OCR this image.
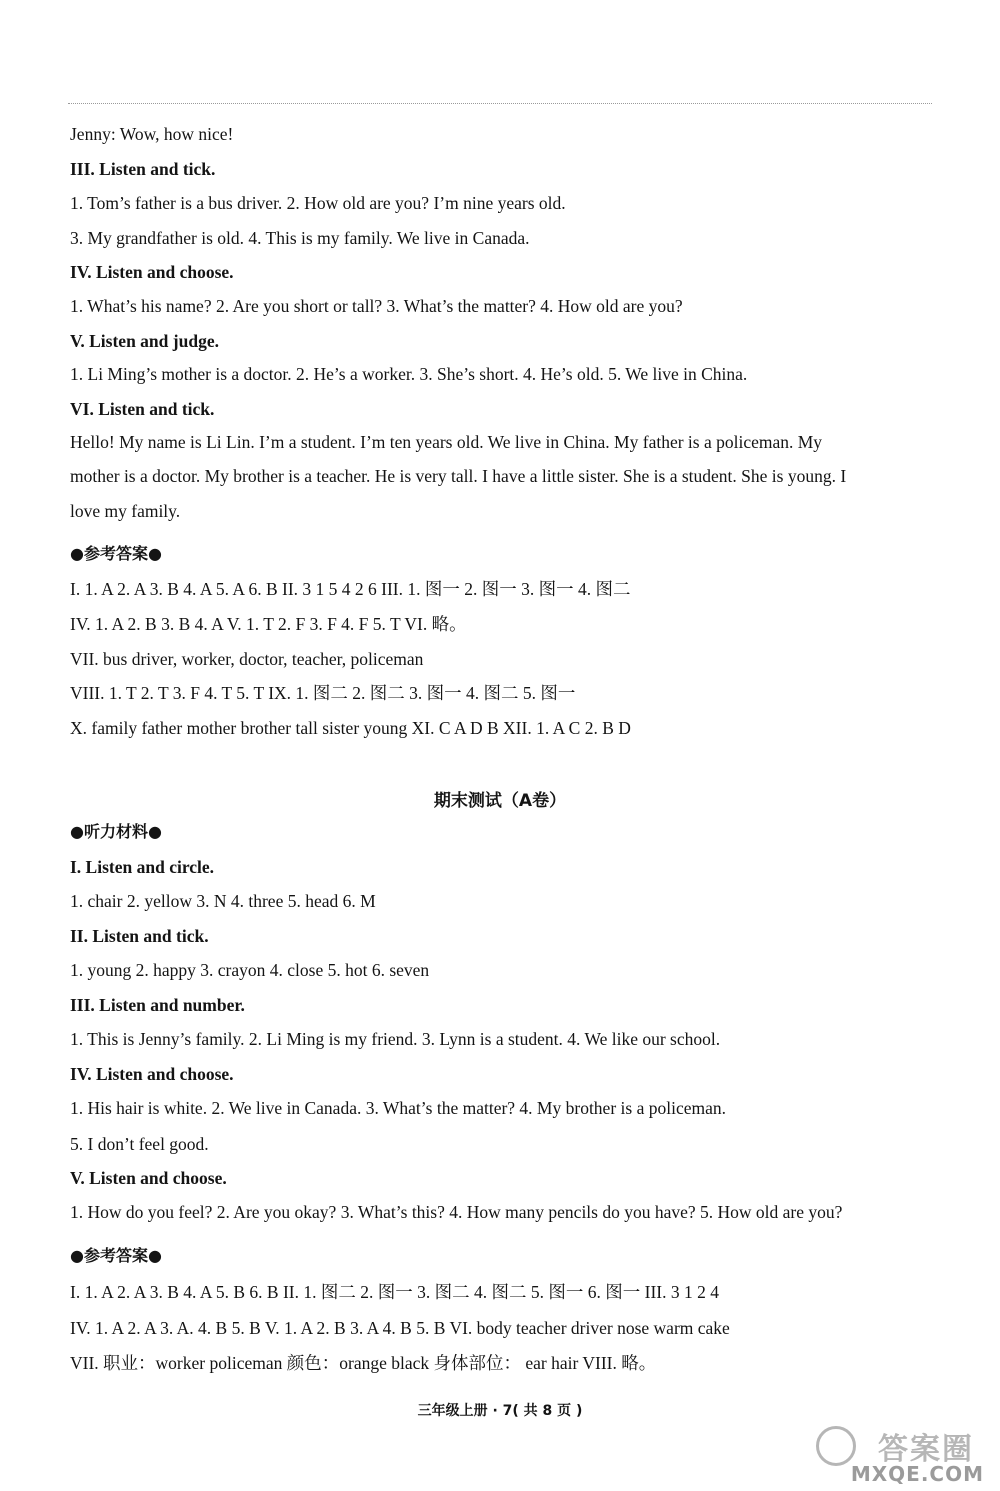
Jenny: Wow, how nice!
III. Listen and tick.
1. Tom’s father is a bus driver. 2. How old are you? I’m nine years old.
3. My grandfather is old. 4. This is my family. We live in Canada.
IV. Listen and choose.
1. What’s his name? 2. Are you short or tall? 3. What’s the matter? 4. How old are you?
V. Listen and judge.
1. Li Ming’s mother is a doctor. 2. He’s a worker. 3. She’s short. 4. He’s old. 5. We live in China.
VI. Listen and tick.
Hello! My name is Li Lin. I’m a student. I’m ten years old. We live in China. My father is a policeman. My
mother is a doctor. My brother is a teacher. He is very tall. I have a little sister. She is a student. She is young. I
love my family.
●参考答案●
I. 1. A 2. A 3. B 4. A 5. A 6. B II. 3 1 5 4 2 6 III. 1. 图一 2. 图一 3. 图一 4. 图二
IV. 1. A 2. B 3. B 4. A V. 1. T 2. F 3. F 4. F 5. T VI. 略。
VII. bus driver, worker, doctor, teacher, policeman
VIII. 1. T 2. T 3. F 4. T 5. T IX. 1. 图二 2. 图二 3. 图一 4. 图二 5. 图一
X. family father mother brother tall sister young XI. C A D B XII. 1. A C 2. B D
期末测试（A卷）
●听力材料●
I. Listen and circle.
1. chair 2. yellow 3. N 4. three 5. head 6. M
II. Listen and tick.
1. young 2. happy 3. crayon 4. close 5. hot 6. seven
III. Listen and number.
1. This is Jenny’s family. 2. Li Ming is my friend. 3. Lynn is a student. 4. We like our school.
IV. Listen and choose.
1. His hair is white. 2. We live in Canada. 3. What’s the matter? 4. My brother is a policeman.
5. I don’t feel good.
V. Listen and choose.
1. How do you feel? 2. Are you okay? 3. What’s this? 4. How many pencils do you have? 5. How old are you?
●参考答案●
I. 1. A 2. A 3. B 4. A 5. B 6. B II. 1. 图二 2. 图一 3. 图二 4. 图二 5. 图一 6. 图一 III. 3 1 2 4
IV. 1. A 2. A 3. A. 4. B 5. B V. 1. A 2. B 3. A 4. B 5. B VI. body teacher driver nose warm cake
VII. 职业：worker policeman 颜色：orange black 身体部位： ear hair VIII. 略。
三年级上册 · 7( 共 8 页 )
答案圈
MXQE.COM
